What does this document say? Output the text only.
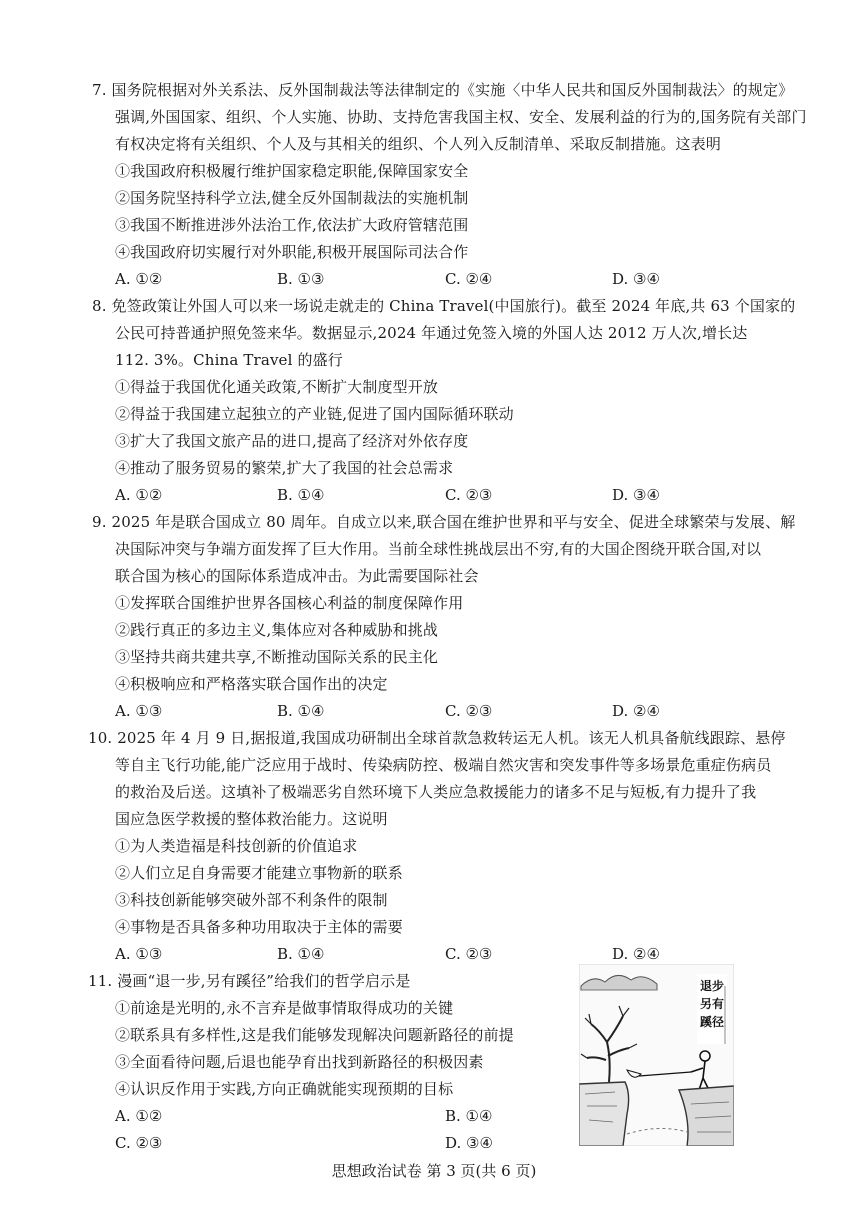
7. 国务院根据对外关系法、反外国制裁法等法律制定的《实施〈中华人民共和国反外国制裁法〉的规定》
强调,外国国家、组织、个人实施、协助、支持危害我国主权、安全、发展利益的行为的,国务院有关部门
有权决定将有关组织、个人及与其相关的组织、个人列入反制清单、采取反制措施。这表明
①我国政府积极履行维护国家稳定职能,保障国家安全
②国务院坚持科学立法,健全反外国制裁法的实施机制
③我国不断推进涉外法治工作,依法扩大政府管辖范围
④我国政府切实履行对外职能,积极开展国际司法合作
A. ①②	B. ①③	C. ②④	D. ③④
8. 免签政策让外国人可以来一场说走就走的 China Travel(中国旅行)。截至 2024 年底,共 63 个国家的
公民可持普通护照免签来华。数据显示,2024 年通过免签入境的外国人达 2012 万人次,增长达
112. 3%。China Travel 的盛行
①得益于我国优化通关政策,不断扩大制度型开放
②得益于我国建立起独立的产业链,促进了国内国际循环联动
③扩大了我国文旅产品的进口,提高了经济对外依存度
④推动了服务贸易的繁荣,扩大了我国的社会总需求
A. ①②	B. ①④	C. ②③	D. ③④
9. 2025 年是联合国成立 80 周年。自成立以来,联合国在维护世界和平与安全、促进全球繁荣与发展、解
决国际冲突与争端方面发挥了巨大作用。当前全球性挑战层出不穷,有的大国企图绕开联合国,对以
联合国为核心的国际体系造成冲击。为此需要国际社会
①发挥联合国维护世界各国核心利益的制度保障作用
②践行真正的多边主义,集体应对各种威胁和挑战
③坚持共商共建共享,不断推动国际关系的民主化
④积极响应和严格落实联合国作出的决定
A. ①③	B. ①④	C. ②③	D. ②④
10. 2025 年 4 月 9 日,据报道,我国成功研制出全球首款急救转运无人机。该无人机具备航线跟踪、悬停
等自主飞行功能,能广泛应用于战时、传染病防控、极端自然灾害和突发事件等多场景危重症伤病员
的救治及后送。这填补了极端恶劣自然环境下人类应急救援能力的诸多不足与短板,有力提升了我
国应急医学救援的整体救治能力。这说明
①为人类造福是科技创新的价值追求
②人们立足自身需要才能建立事物新的联系
③科技创新能够突破外部不利条件的限制
④事物是否具备多种功用取决于主体的需要
A. ①③	B. ①④	C. ②③	D. ②④
11. 漫画“退一步,另有蹊径”给我们的哲学启示是
①前途是光明的,永不言弃是做事情取得成功的关键
②联系具有多样性,这是我们能够发现解决问题新路径的前提
③全面看待问题,后退也能孕育出找到新路径的积极因素
④认识反作用于实践,方向正确就能实现预期的目标
A. ①②	B. ①④
C. ②③	D. ③④
退步
另有
蹊径
思想政治试卷 第 3 页(共 6 页)
